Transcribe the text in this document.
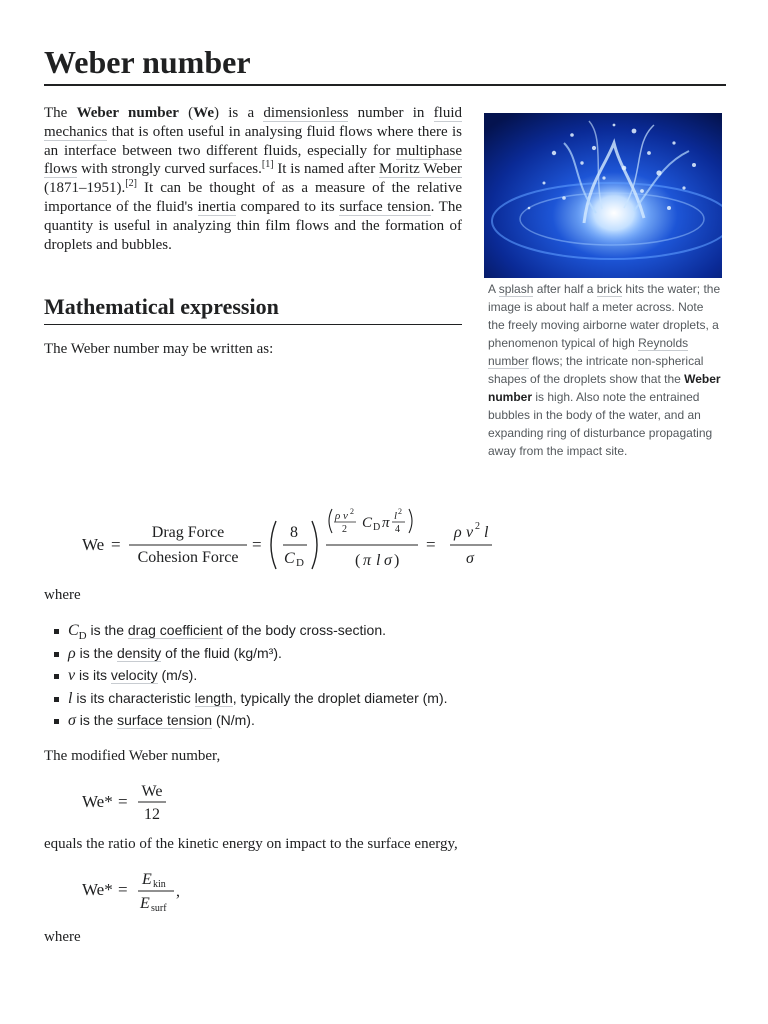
Weber number

The Weber number (We) is a dimensionless number in fluid mechanics that is often useful in analysing fluid flows where there is an interface between two different fluids, especially for multiphase flows with strongly curved surfaces.[1] It is named after Moritz Weber (1871–1951).[2] It can be thought of as a measure of the relative importance of the fluid's inertia compared to its surface tension. The quantity is useful in analyzing thin film flows and the formation of droplets and bubbles.

A splash after half a brick hits the water; the image is about half a meter across. Note the freely moving airborne water droplets, a phenomenon typical of high Reynolds number flows; the intricate non-spherical shapes of the droplets show that the Weber number is high. Also note the entrained bubbles in the body of the water, and an expanding ring of disturbance propagating away from the impact site.
Mathematical expression

The Weber number may be written as:

We =
Drag Force
Cohesion Force
=
8
C D
ρ v 2
2 C D π l 2
4
( π l σ )
=
ρ v 2 l
σ

where

$C_D$ is the drag coefficient of the body cross-section.
ρ is the density of the fluid (kg/m³).
v is its velocity (m/s).
l is its characteristic length, typically the droplet diameter (m).
σ is the surface tension (N/m).

The modified Weber number,

We* =
We
12

equals the ratio of the kinetic energy on impact to the surface energy,

We* =
E kin
E surf
,

where
